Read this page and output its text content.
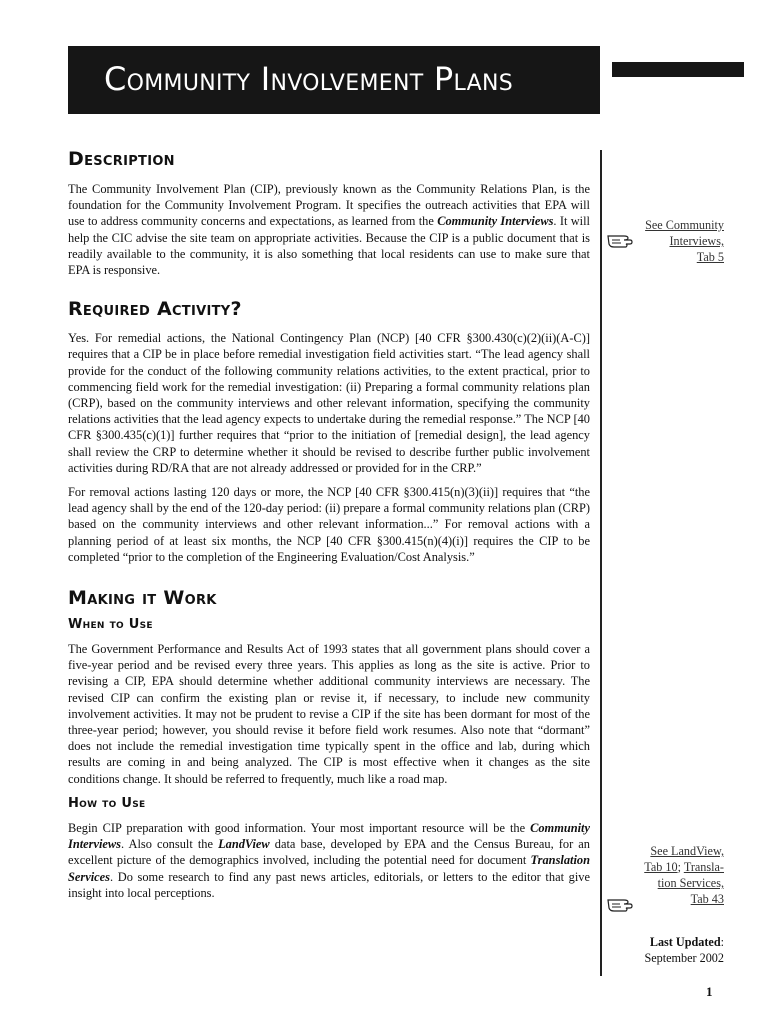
Community Involvement Plans
Description

The Community Involvement Plan (CIP), previously known as the Community Relations Plan, is the foundation for the Community Involvement Program. It specifies the outreach activities that EPA will use to address community concerns and expectations, as learned from the Community Interviews. It will help the CIC advise the site team on appropriate activities. Because the CIP is a public document that is readily available to the community, it is also something that local residents can use to make sure that EPA is responsive.

Required Activity?

Yes. For remedial actions, the National Contingency Plan (NCP) [40 CFR §300.430(c)(2)(ii)(A-C)] requires that a CIP be in place before remedial investigation field activities start. “The lead agency shall provide for the conduct of the following community relations activities, to the extent practical, prior to commencing field work for the remedial investigation: (ii) Preparing a formal community relations plan (CRP), based on the community interviews and other relevant information, specifying the community relations activities that the lead agency expects to undertake during the remedial response.” The NCP [40 CFR §300.435(c)(1)] further requires that “prior to the initiation of [remedial design], the lead agency shall review the CRP to determine whether it should be revised to describe further public involvement activities during RD/RA that are not already addressed or provided for in the CRP.”

For removal actions lasting 120 days or more, the NCP [40 CFR §300.415(n)(3)(ii)] requires that “the lead agency shall by the end of the 120-day period: (ii) prepare a formal community relations plan (CRP) based on the community interviews and other relevant information...” For removal actions with a planning period of at least six months, the NCP [40 CFR §300.415(n)(4)(i)] requires the CIP to be completed “prior to the completion of the Engineering Evaluation/Cost Analysis.”

Making it Work
When to Use

The Government Performance and Results Act of 1993 states that all government plans should cover a five-year period and be revised every three years. This applies as long as the site is active. Prior to revising a CIP, EPA should determine whether additional community interviews are necessary. The revised CIP can confirm the existing plan or revise it, if necessary, to include new community involvement activities. It may not be prudent to revise a CIP if the site has been dormant for most of the three-year period; however, you should revise it before field work resumes. Also note that “dormant” does not include the remedial investigation time typically spent in the office and lab, during which results are coming in and being analyzed. The CIP is most effective when it changes as the site conditions change. It should be referred to frequently, much like a road map.

How to Use

Begin CIP preparation with good information. Your most important resource will be the Community Interviews. Also consult the LandView data base, developed by EPA and the Census Bureau, for an excellent picture of the demographics involved, including the potential need for document Translation Services. Do some research to find any past news articles, editorials, or letters to the editor that give insight into local perceptions.

See Community
Interviews,
Tab 5
See LandView,
Tab 10; Transla-
tion Services,
Tab 43
Last Updated:
September 2002
1
